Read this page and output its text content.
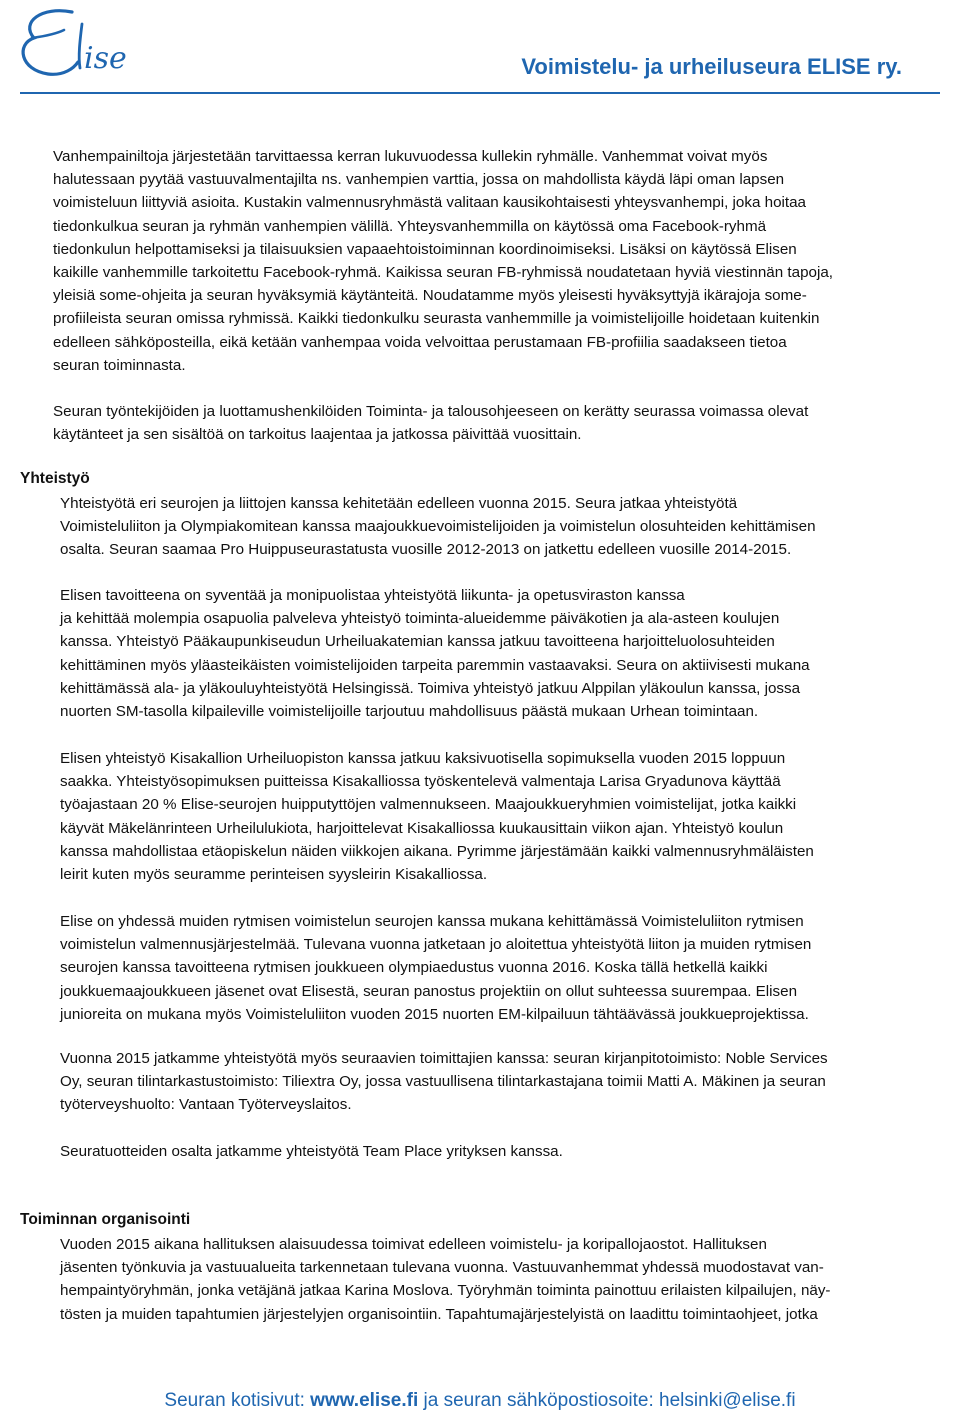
ise	Voimistelu- ja urheiluseura ELISE ry.

Vanhempainiltoja järjestetään tarvittaessa kerran lukuvuodessa kullekin ryhmälle. Vanhemmat voivat myös

halutessaan pyytää vastuuvalmentajilta ns. vanhempien varttia, jossa on mahdollista käydä läpi oman lapsen

voimisteluun liittyviä asioita. Kustakin valmennusryhmästä valitaan kausikohtaisesti yhteysvanhempi, joka hoitaa

tiedonkulkua seuran ja ryhmän vanhempien välillä. Yhteysvanhemmilla on käytössä oma Facebook-ryhmä

tiedonkulun helpottamiseksi ja tilaisuuksien vapaaehtoistoiminnan koordinoimiseksi. Lisäksi on käytössä Elisen

kaikille vanhemmille tarkoitettu Facebook-ryhmä. Kaikissa seuran FB-ryhmissä noudatetaan hyviä viestinnän tapoja,

yleisiä some-ohjeita ja seuran hyväksymiä käytänteitä. Noudatamme myös yleisesti hyväksyttyjä ikärajoja some-

profiileista seuran omissa ryhmissä. Kaikki tiedonkulku seurasta vanhemmille ja voimistelijoille hoidetaan kuitenkin

edelleen sähköposteilla, eikä ketään vanhempaa voida velvoittaa perustamaan FB-profiilia saadakseen tietoa

seuran toiminnasta.

Seuran työntekijöiden ja luottamushenkilöiden Toiminta- ja talousohjeeseen on kerätty seurassa voimassa olevat

käytänteet ja sen sisältöä on tarkoitus laajentaa ja jatkossa päivittää vuosittain.

Yhteistyö

Yhteistyötä eri seurojen ja liittojen kanssa kehitetään edelleen vuonna 2015. Seura jatkaa yhteistyötä

Voimisteluliiton ja Olympiakomitean kanssa maajoukkuevoimistelijoiden ja voimistelun olosuhteiden kehittämisen

osalta. Seuran saamaa Pro Huippuseurastatusta vuosille 2012-2013 on jatkettu edelleen vuosille 2014-2015.

Elisen tavoitteena on syventää ja monipuolistaa yhteistyötä liikunta- ja opetusviraston kanssa

ja kehittää molempia osapuolia palveleva yhteistyö toiminta-alueidemme päiväkotien ja ala-asteen koulujen

kanssa. Yhteistyö Pääkaupunkiseudun Urheiluakatemian kanssa jatkuu tavoitteena harjoitteluolosuhteiden

kehittäminen myös yläasteikäisten voimistelijoiden tarpeita paremmin vastaavaksi. Seura on aktiivisesti mukana

kehittämässä ala- ja yläkouluyhteistyötä Helsingissä. Toimiva yhteistyö jatkuu Alppilan yläkoulun kanssa, jossa

nuorten SM-tasolla kilpaileville voimistelijoille tarjoutuu mahdollisuus päästä mukaan Urhean toimintaan.

Elisen yhteistyö Kisakallion Urheiluopiston kanssa jatkuu kaksivuotisella sopimuksella vuoden 2015 loppuun

saakka. Yhteistyösopimuksen puitteissa Kisakalliossa työskentelevä valmentaja Larisa Gryadunova käyttää

työajastaan 20 % Elise-seurojen huipputyttöjen valmennukseen. Maajoukkueryhmien voimistelijat, jotka kaikki

käyvät Mäkelänrinteen Urheilulukiota, harjoittelevat Kisakalliossa kuukausittain viikon ajan. Yhteistyö koulun

kanssa mahdollistaa etäopiskelun näiden viikkojen aikana. Pyrimme järjestämään kaikki valmennusryhmäläisten

leirit kuten myös seuramme perinteisen syysleirin Kisakalliossa.

Elise on yhdessä muiden rytmisen voimistelun seurojen kanssa mukana kehittämässä Voimisteluliiton rytmisen

voimistelun valmennusjärjestelmää. Tulevana vuonna jatketaan jo aloitettua yhteistyötä liiton ja muiden rytmisen

seurojen kanssa tavoitteena rytmisen joukkueen olympiaedustus vuonna 2016. Koska tällä hetkellä kaikki

joukkuemaajoukkueen jäsenet ovat Elisestä, seuran panostus projektiin on ollut suhteessa suurempaa. Elisen

junioreita on mukana myös Voimisteluliiton vuoden 2015 nuorten EM-kilpailuun tähtäävässä joukkueprojektissa.

Vuonna 2015 jatkamme yhteistyötä myös seuraavien toimittajien kanssa: seuran kirjanpitotoimisto: Noble Services

Oy, seuran tilintarkastustoimisto: Tiliextra Oy, jossa vastuullisena tilintarkastajana toimii Matti A. Mäkinen ja seuran

työterveyshuolto: Vantaan Työterveyslaitos.

Seuratuotteiden osalta jatkamme yhteistyötä Team Place yrityksen kanssa.

Toiminnan organisointi

Vuoden 2015 aikana hallituksen alaisuudessa toimivat edelleen voimistelu- ja koripallojaostot. Hallituksen

jäsenten työnkuvia ja vastuualueita tarkennetaan tulevana vuonna. Vastuuvanhemmat yhdessä muodostavat van-

hempaintyöryhmän, jonka vetäjänä jatkaa Karina Moslova. Työryhmän toiminta painottuu erilaisten kilpailujen, näy-

tösten ja muiden tapahtumien järjestelyjen organisointiin. Tapahtumajärjestelyistä on laadittu toimintaohjeet, jotka

Seuran kotisivut: www.elise.fi ja seuran sähköpostiosoite: helsinki@elise.fi
